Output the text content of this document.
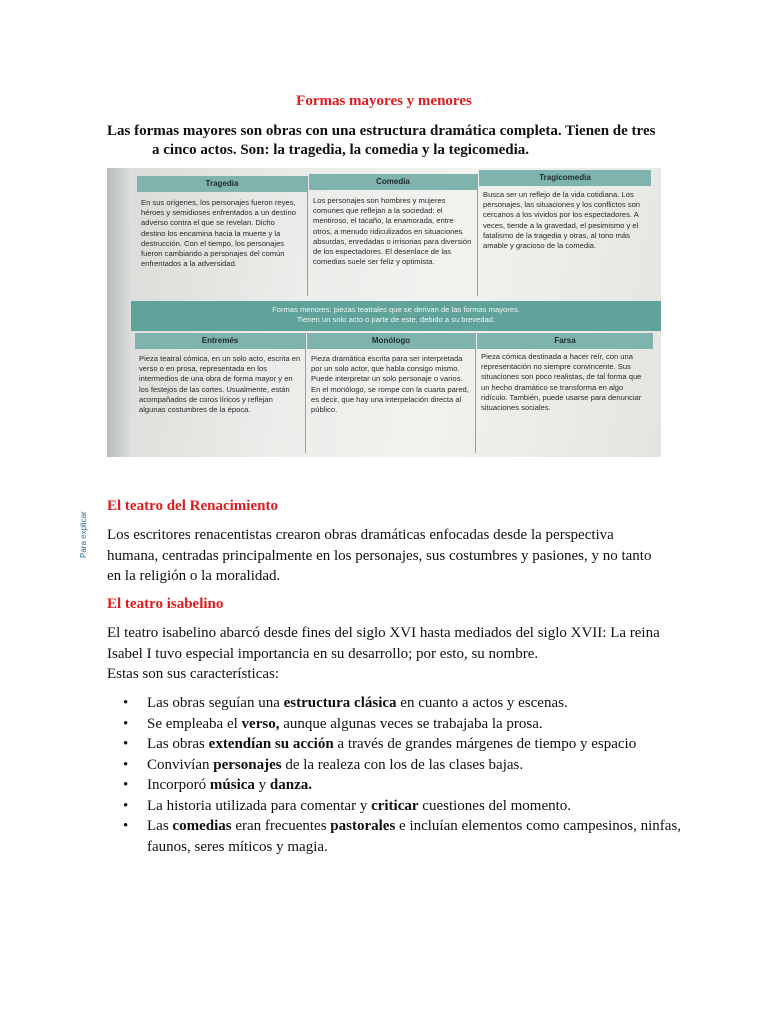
Formas mayores y menores
Las formas mayores son obras con una estructura dramática completa. Tienen de tres
a cinco actos. Son: la tragedia, la comedia y la tegicomedia.
Para explicar
Tragedia	Comedia	Tragicomedia
En sus orígenes, los personajes fueron reyes, héroes y semidioses enfrentados a un destino adverso contra el que se revelan. Dicho destino los encamina hacia la muerte y la destrucción. Con el tiempo, los personajes fueron cambiando a personajes del común enfrentados a la adversidad.
Los personajes son hombres y mujeres comunes que reflejan a la sociedad: el mentiroso, el tacaño, la enamorada, entre otros, a menudo ridiculizados en situaciones absurdas, enredadas o irrisorias para diversión de los espectadores. El desenlace de las comedias suele ser feliz y optimista.
Busca ser un reflejo de la vida cotidiana. Los personajes, las situaciones y los conflictos son cercanos a los vividos por los espectadores. A veces, tiende a la gravedad, el pesimismo y el fatalismo de la tragedia y otras, al tono más amable y gracioso de la comedia.
Formas menores: piezas teatrales que se derivan de las formas mayores.
Tienen un solo acto o parte de este, debido a su brevedad.
Entremés	Monólogo	Farsa
Pieza teatral cómica, en un solo acto, escrita en verso o en prosa, representada en los intermedios de una obra de forma mayor y en los festejos de las cortes. Usualmente, están acompañados de coros líricos y reflejan algunas costumbres de la época.
Pieza dramática escrita para ser interpretada por un solo actor, que habla consigo mismo. Puede interpretar un solo personaje o varios. En el monólogo, se rompe con la cuarta pared, es decir, que hay una interpelación directa al público.
Pieza cómica destinada a hacer reír, con una representación no siempre convincente. Sus situaciones son poco realistas, de tal forma que un hecho dramático se transforma en algo ridículo. También, puede usarse para denunciar situaciones sociales.
El teatro del Renacimiento
Los escritores renacentistas crearon obras dramáticas enfocadas desde la perspectiva humana, centradas principalmente en los personajes, sus costumbres y pasiones, y no tanto en la religión o la moralidad.
El teatro isabelino
El teatro isabelino abarcó desde fines del siglo XVI hasta mediados del siglo XVII: La reina Isabel I tuvo especial importancia en su desarrollo; por esto, su nombre.
Estas son sus características:
• Las obras seguían una estructura clásica en cuanto a actos y escenas.
• Se empleaba el verso, aunque algunas veces se trabajaba la prosa.
• Las obras extendían su acción a través de grandes márgenes de tiempo y espacio
• Convivían personajes de la realeza con los de las clases bajas.
• Incorporó música y danza.
• La historia utilizada para comentar y criticar cuestiones del momento.
• Las comedias eran frecuentes pastorales e incluían elementos como campesinos, ninfas, faunos, seres míticos y magia.
